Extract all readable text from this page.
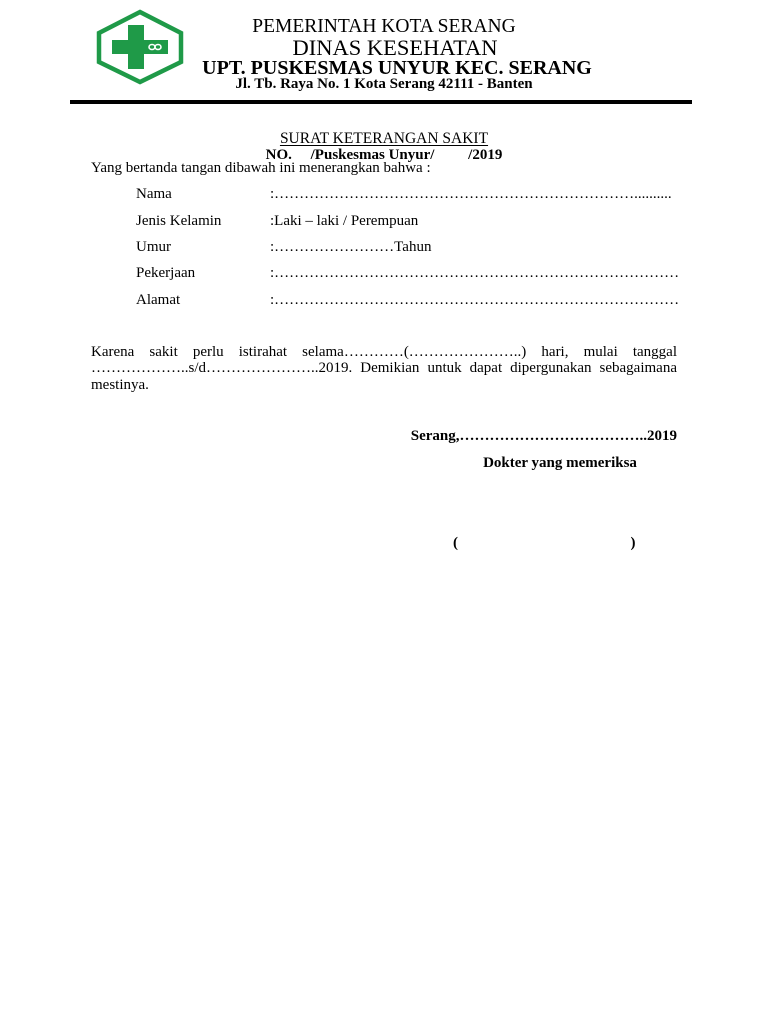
PEMERINTAH KOTA SERANG
DINAS KESEHATAN
UPT. PUSKESMAS UNYUR KEC. SERANG
Jl. Tb. Raya No. 1 Kota Serang 42111 - Banten
SURAT KETERANGAN SAKIT
NO.     /Puskesmas Unyur/         /2019
Yang bertanda tangan dibawah ini menerangkan bahwa :
Nama	:………………………………………………………………..........
Jenis Kelamin	:Laki – laki / Perempuan
Umur	:……………………Tahun
Pekerjaan	:………………………………………………………………………
Alamat	:………………………………………………………………………
Karena sakit perlu istirahat selama…………(…………………..) hari, mulai tanggal
………………..s/d…………………..2019. Demikian untuk dapat dipergunakan sebagaimana
mestinya.
Serang,………………………………..2019
Dokter yang memeriksa
(                                              )
